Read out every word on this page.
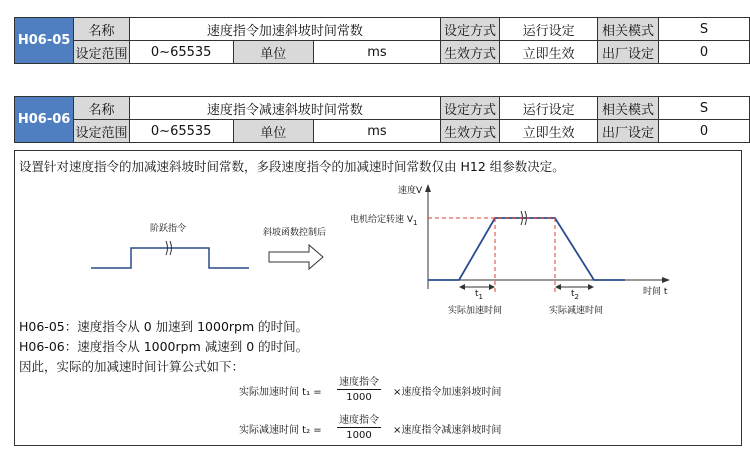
H06-05	名称	速度指令加速斜坡时间常数			设定方式	运行设定	相关模式	S
	设定范围	0~65535	单位	ms	生效方式	立即生效	出厂设定	0
H06-06	名称	速度指令减速斜坡时间常数			设定方式	运行设定	相关模式	S
	设定范围	0~65535	单位	ms	生效方式	立即生效	出厂设定	0
设置针对速度指令的加减速斜坡时间常数，多段速度指令的加减速时间常数仅由 H12 组参数决定。
阶跃指令	斜坡函数控制后
速度V
电机给定转速 $V_1$
时间 t
$t_1$	$t_2$
实际加速时间	实际减速时间
H06-05：速度指令从 0 加速到 1000rpm 的时间。
H06-06：速度指令从 1000rpm 减速到 0 的时间。
因此，实际的加减速时间计算公式如下：
实际加速时间 t₁ =
速度指令
1000	×速度指令加速斜坡时间
实际减速时间 t₂ =
速度指令
1000	×速度指令减速斜坡时间
